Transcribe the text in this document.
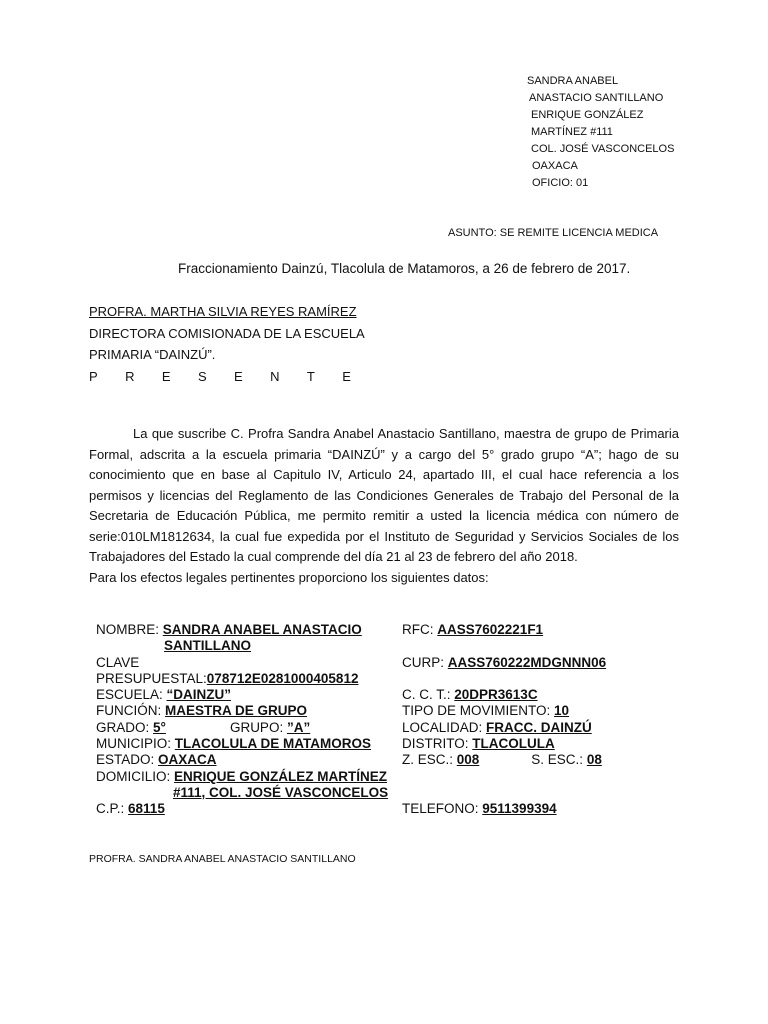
SANDRA ANABEL
ANASTACIO SANTILLANO
ENRIQUE GONZÁLEZ
MARTÍNEZ #111
COL. JOSÉ VASCONCELOS
OAXACA
OFICIO: 01
ASUNTO: SE REMITE LICENCIA MEDICA
Fraccionamiento Dainzú, Tlacolula de Matamoros, a 26 de febrero de 2017.
PROFRA. MARTHA SILVIA REYES RAMÍREZ
DIRECTORA COMISIONADA DE LA ESCUELA
PRIMARIA “DAINZÚ”.
P R E S E N T E

La que suscribe C. Profra Sandra Anabel Anastacio Santillano, maestra de grupo de Primaria Formal, adscrita a la escuela primaria “DAINZÚ” y a cargo del 5° grado grupo “A”; hago de su conocimiento que en base al Capitulo IV, Articulo 24, apartado III, el cual hace referencia a los permisos y licencias del Reglamento de las Condiciones Generales de Trabajo del Personal de la Secretaria de Educación Pública, me permito remitir a usted la licencia médica con número de serie:010LM1812634, la cual fue expedida por el Instituto de Seguridad y Servicios Sociales de los Trabajadores del Estado la cual comprende del día 21 al 23 de febrero del año 2018.

Para los efectos legales pertinentes proporciono los siguientes datos:

NOMBRE: SANDRA ANABEL ANASTACIO
SANTILLANO
CLAVE
PRESUPUESTAL:078712E0281000405812
ESCUELA: “DAINZU”
FUNCIÓN: MAESTRA DE GRUPO
GRADO: 5°	GRUPO: ”A”
MUNICIPIO: TLACOLULA DE MATAMOROS
ESTADO: OAXACA
DOMICILIO: ENRIQUE GONZÁLEZ MARTÍNEZ
#111, COL. JOSÉ VASCONCELOS
C.P.: 68115
RFC: AASS7602221F1

CURP: AASS760222MDGNNN06

C. C. T.: 20DPR3613C
TIPO DE MOVIMIENTO: 10
LOCALIDAD: FRACC. DAINZÚ
DISTRITO: TLACOLULA
Z. ESC.: 008	S. ESC.: 08

TELEFONO: 9511399394
PROFRA. SANDRA ANABEL ANASTACIO SANTILLANO
